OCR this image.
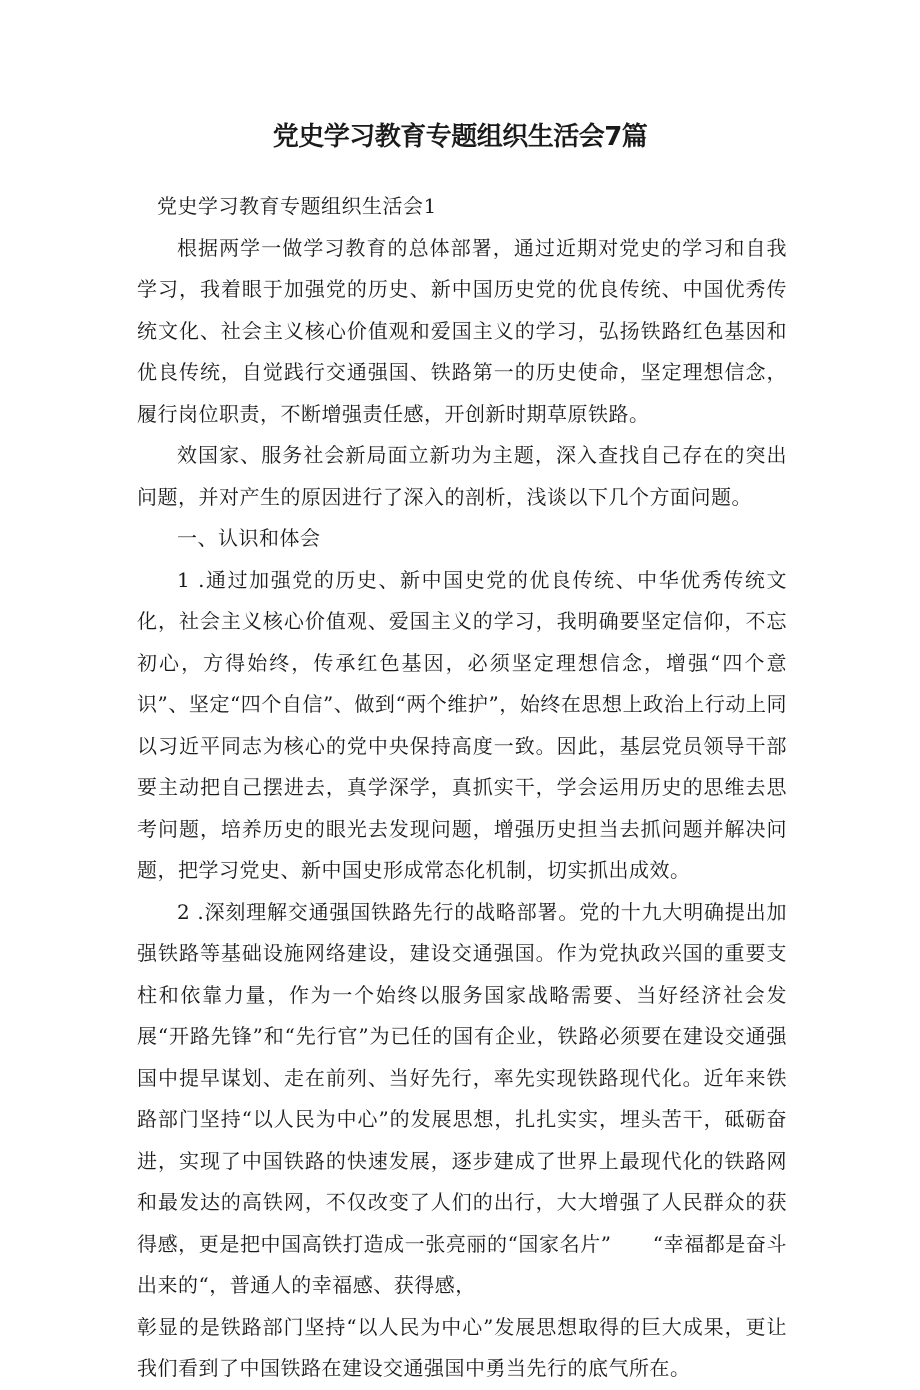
党史学习教育专题组织生活会7篇

党史学习教育专题组织生活会1

根据两学一做学习教育的总体部署，通过近期对党史的学习和自我学习，我着眼于加强党的历史、新中国历史党的优良传统、中国优秀传统文化、社会主义核心价值观和爱国主义的学习，弘扬铁路红色基因和优良传统，自觉践行交通强国、铁路第一的历史使命，坚定理想信念，履行岗位职责，不断增强责任感，开创新时期草原铁路。

效国家、服务社会新局面立新功为主题，深入查找自己存在的突出问题，并对产生的原因进行了深入的剖析，浅谈以下几个方面问题。

一、认识和体会

1 .通过加强党的历史、新中国史党的优良传统、中华优秀传统文化，社会主义核心价值观、爱国主义的学习，我明确要坚定信仰，不忘初心，方得始终，传承红色基因，必须坚定理想信念，增强“四个意识”、坚定“四个自信”、做到“两个维护”，始终在思想上政治上行动上同以习近平同志为核心的党中央保持高度一致。因此，基层党员领导干部要主动把自己摆进去，真学深学，真抓实干，学会运用历史的思维去思考问题，培养历史的眼光去发现问题，增强历史担当去抓问题并解决问题，把学习党史、新中国史形成常态化机制，切实抓出成效。

2 .深刻理解交通强国铁路先行的战略部署。党的十九大明确提出加强铁路等基础设施网络建设，建设交通强国。作为党执政兴国的重要支柱和依靠力量，作为一个始终以服务国家战略需要、当好经济社会发展“开路先锋”和“先行官”为已任的国有企业，铁路必须要在建设交通强国中提早谋划、走在前列、当好先行，率先实现铁路现代化。近年来铁路部门坚持“以人民为中心”的发展思想，扎扎实实，埋头苦干，砥砺奋进，实现了中国铁路的快速发展，逐步建成了世界上最现代化的铁路网和最发达的高铁网，不仅改变了人们的出行，大大增强了人民群众的获得感，更是把中国高铁打造成一张亮丽的“国家名片”　　“幸福都是奋斗出来的“，普通人的幸福感、获得感，

彰显的是铁路部门坚持“以人民为中心”发展思想取得的巨大成果，更让我们看到了中国铁路在建设交通强国中勇当先行的底气所在。
